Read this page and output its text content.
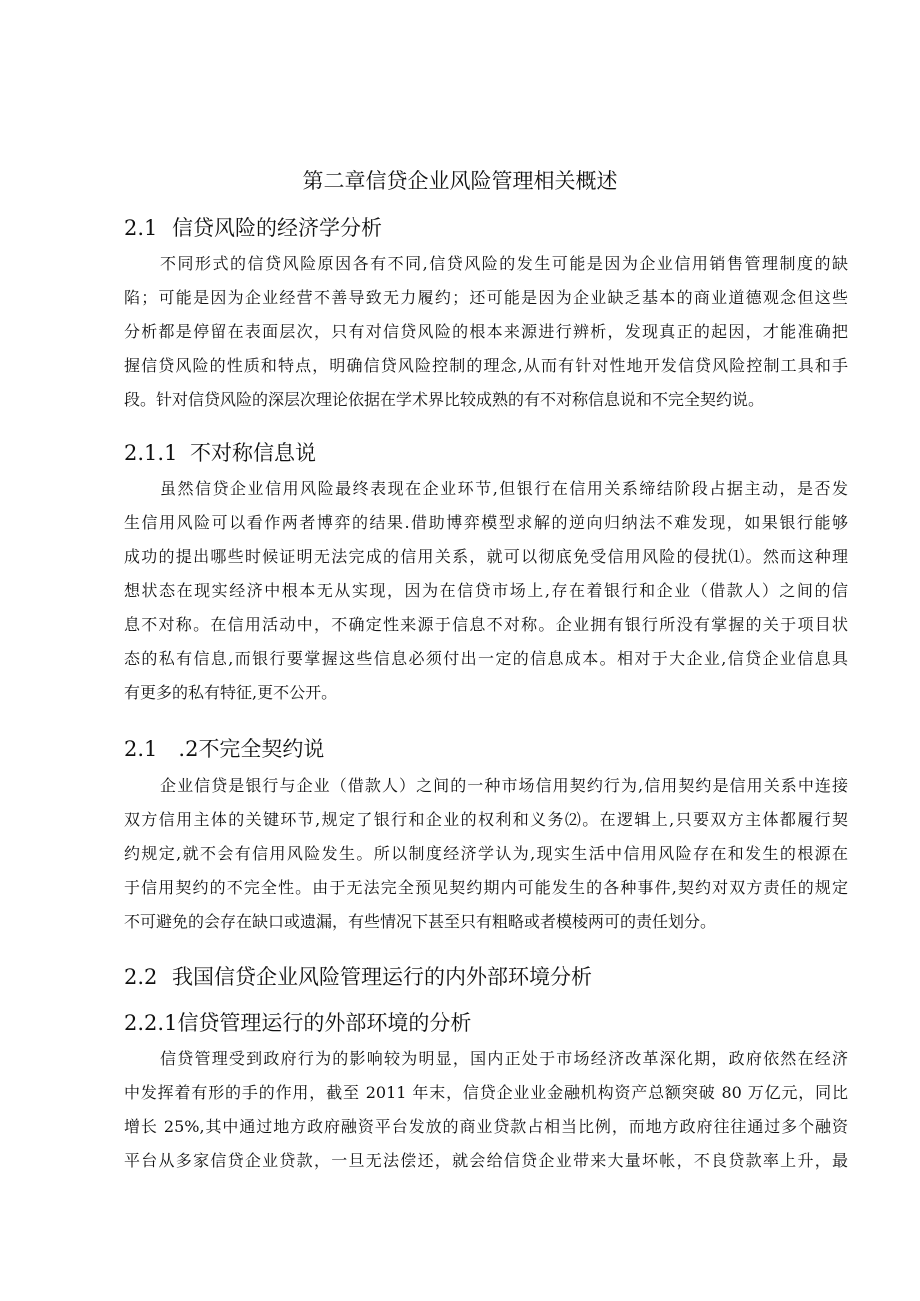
第二章信贷企业风险管理相关概述
2.1 信贷风险的经济学分析
不同形式的信贷风险原因各有不同,信贷风险的发生可能是因为企业信用销售管理制度的缺
陷；可能是因为企业经营不善导致无力履约；还可能是因为企业缺乏基本的商业道德观念但这些
分析都是停留在表面层次，只有对信贷风险的根本来源进行辨析，发现真正的起因，才能准确把
握信贷风险的性质和特点，明确信贷风险控制的理念,从而有针对性地开发信贷风险控制工具和手
段。针对信贷风险的深层次理论依据在学术界比较成熟的有不对称信息说和不完全契约说。
2.1.1 不对称信息说
虽然信贷企业信用风险最终表现在企业环节,但银行在信用关系缔结阶段占据主动，是否发
生信用风险可以看作两者博弈的结果.借助博弈模型求解的逆向归纳法不难发现，如果银行能够
成功的提出哪些时候证明无法完成的信用关系，就可以彻底免受信用风险的侵扰⑴。然而这种理
想状态在现实经济中根本无从实现，因为在信贷市场上,存在着银行和企业（借款人）之间的信
息不对称。在信用活动中，不确定性来源于信息不对称。企业拥有银行所没有掌握的关于项目状
态的私有信息,而银行要掌握这些信息必须付出一定的信息成本。相对于大企业,信贷企业信息具
有更多的私有特征,更不公开。
2.1　.2不完全契约说
企业信贷是银行与企业（借款人）之间的一种市场信用契约行为,信用契约是信用关系中连接
双方信用主体的关键环节,规定了银行和企业的权利和义务⑵。在逻辑上,只要双方主体都履行契
约规定,就不会有信用风险发生。所以制度经济学认为,现实生活中信用风险存在和发生的根源在
于信用契约的不完全性。由于无法完全预见契约期内可能发生的各种事件,契约对双方责任的规定
不可避免的会存在缺口或遗漏，有些情况下甚至只有粗略或者模棱两可的责任划分。
2.2 我国信贷企业风险管理运行的内外部环境分析
2.2.1信贷管理运行的外部环境的分析
信贷管理受到政府行为的影响较为明显，国内正处于市场经济改革深化期，政府依然在经济
中发挥着有形的手的作用，截至 2011 年末，信贷企业业金融机构资产总额突破 80 万亿元，同比
增长 25%,其中通过地方政府融资平台发放的商业贷款占相当比例，而地方政府往往通过多个融资
平台从多家信贷企业贷款，一旦无法偿还，就会给信贷企业带来大量坏帐，不良贷款率上升，最
